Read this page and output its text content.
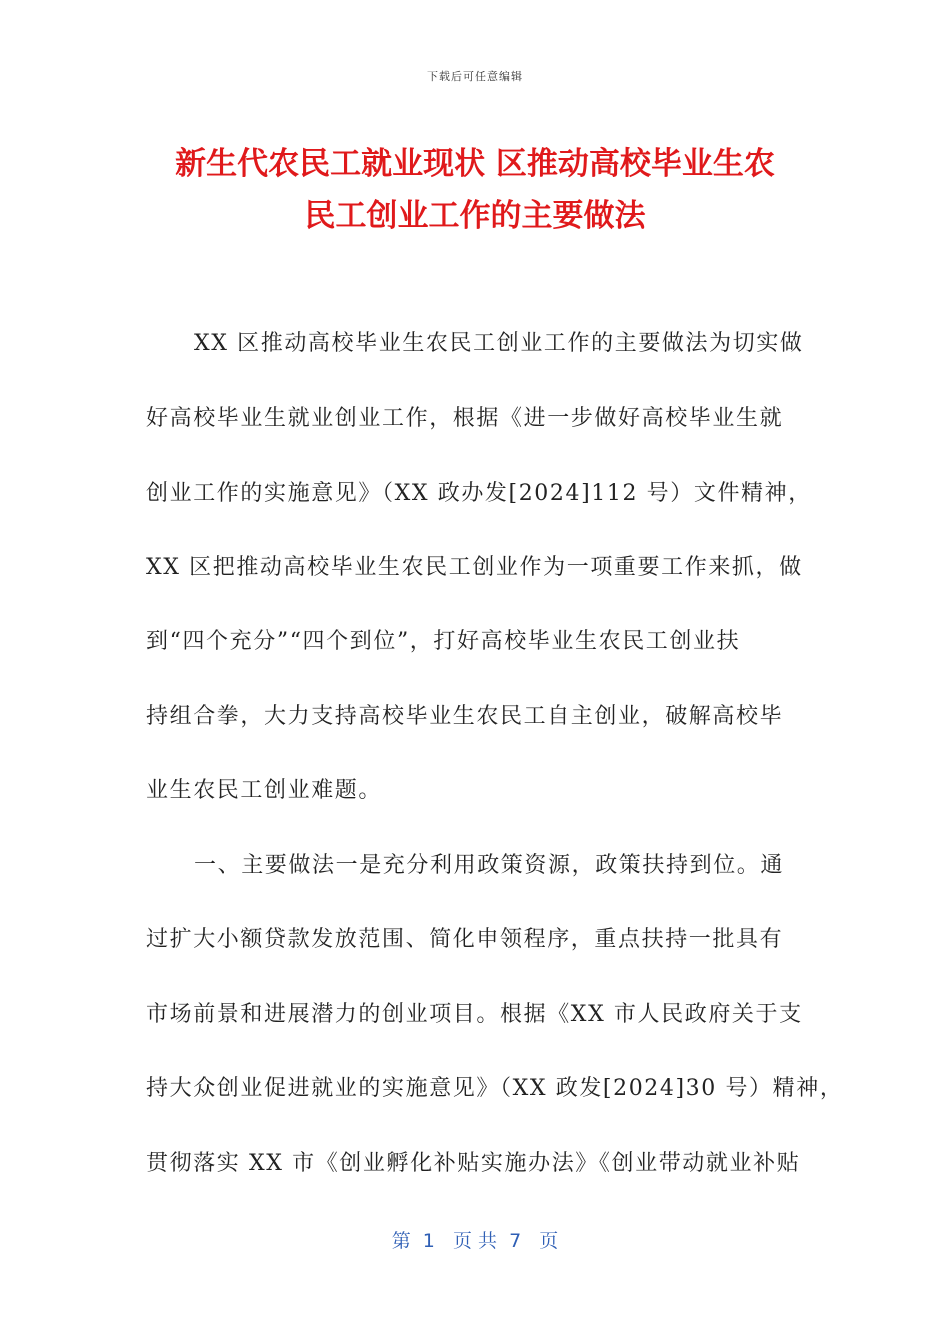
下载后可任意编辑
新生代农民工就业现状 区推动高校毕业生农
民工创业工作的主要做法
XX 区推动高校毕业生农民工创业工作的主要做法为切实做
好高校毕业生就业创业工作，根据《进一步做好高校毕业生就
创业工作的实施意见》（XX 政办发[2024]112 号）文件精神，
XX 区把推动高校毕业生农民工创业作为一项重要工作来抓，做
到“四个充分”“四个到位”，打好高校毕业生农民工创业扶
持组合拳，大力支持高校毕业生农民工自主创业，破解高校毕
业生农民工创业难题。
一、主要做法一是充分利用政策资源，政策扶持到位。通
过扩大小额贷款发放范围、简化申领程序，重点扶持一批具有
市场前景和进展潜力的创业项目。根据《XX 市人民政府关于支
持大众创业促进就业的实施意见》（XX 政发[2024]30 号）精神，
贯彻落实 XX 市《创业孵化补贴实施办法》《创业带动就业补贴
第  1   页 共  7   页
